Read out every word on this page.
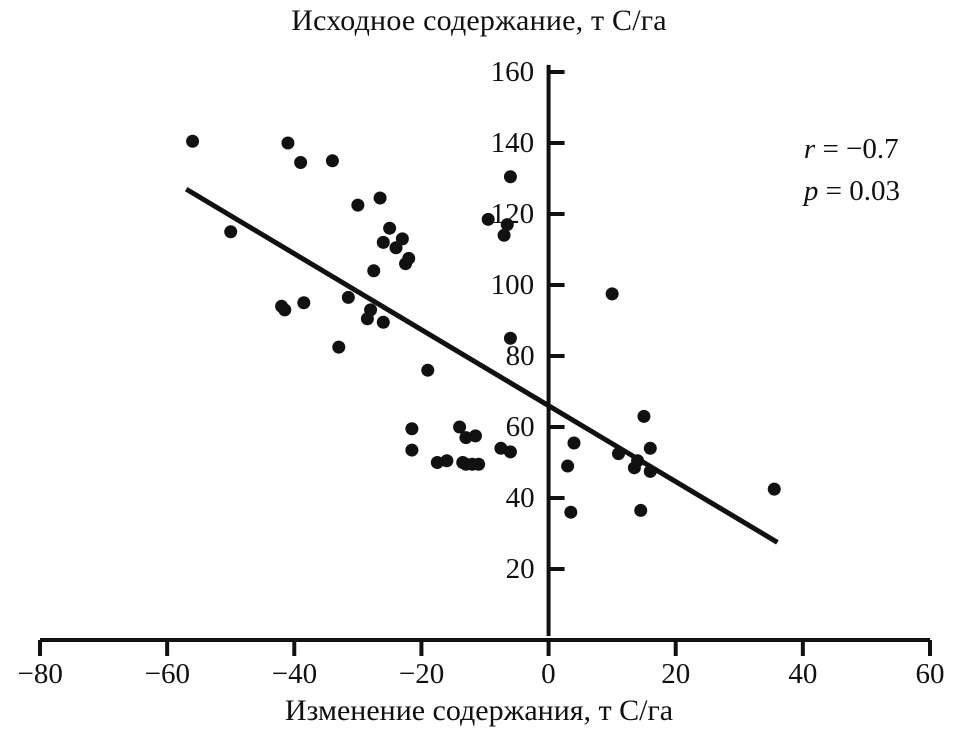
Исходное содержание, т С/га
−80	−60	−40	−20	0	20	40	60
20
40
60
80
100
120
140
160
r = −0.7
p = 0.03
Изменение содержания, т С/га
